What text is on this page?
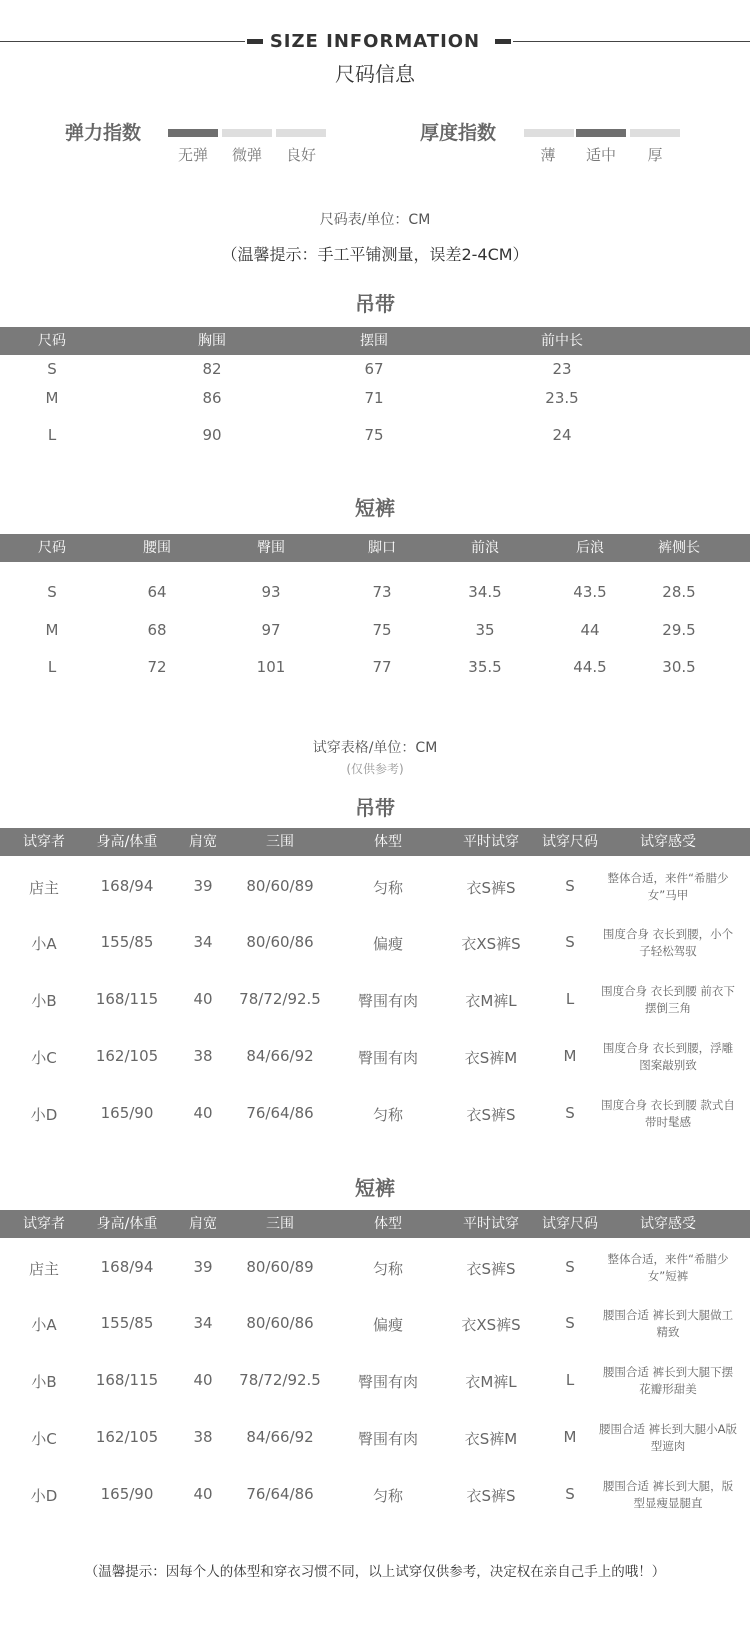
SIZE INFORMATION
尺码信息
弹力指数
无弹	微弹	良好
厚度指数
薄	适中	厚
尺码表/单位：CM
（温馨提示：手工平铺测量，误差2-4CM）
吊带
尺码	胸围	摆围	前中长
S	82	67	23
M	86	71	23.5
L	90	75	24
短裤
尺码	腰围	臀围	脚口	前浪	后浪	裤侧长
S	64	93	73	34.5	43.5	28.5
M	68	97	75	35	44	29.5
L	72	101	77	35.5	44.5	30.5
试穿表格/单位：CM
(仅供参考)
吊带
试穿者 身高/体重 肩宽	三围	体型	平时试穿 试穿尺码	试穿感受
店主	168/94	39 80/60/89	匀称	衣S裤S	S	整体合适，来件“希腊少女”马甲
小A	155/85	34 80/60/86	偏瘦	衣XS裤S	S	围度合身 衣长到腰，小个子轻松驾驭
小B	168/115 40 78/72/92.5 臀围有肉	衣M裤L	L 围度合身 衣长到腰 前衣下摆倒三角
小C	162/105 38 84/66/92	臀围有肉	衣S裤M	M	围度合身 衣长到腰，浮雕图案敲别致
小D	165/90	40 76/64/86	匀称	衣S裤S	S 围度合身 衣长到腰 款式自带时髦感
短裤
试穿者 身高/体重 肩宽	三围	体型	平时试穿 试穿尺码	试穿感受
店主	168/94	39 80/60/89	匀称	衣S裤S	S	整体合适，来件“希腊少女”短裤
小A	155/85	34 80/60/86	偏瘦	衣XS裤S	S	腰围合适 裤长到大腿做工精致
小B	168/115 40 78/72/92.5 臀围有肉	衣M裤L	L	腰围合适 裤长到大腿下摆花瓣形甜美
小C	162/105 38 84/66/92	臀围有肉	衣S裤M	M 腰围合适 裤长到大腿小A版型遮肉
小D	165/90	40 76/64/86	匀称	衣S裤S	S	腰围合适 裤长到大腿，版型显瘦显腿直
（温馨提示：因每个人的体型和穿衣习惯不同，以上试穿仅供参考，决定权在亲自己手上的哦！）
